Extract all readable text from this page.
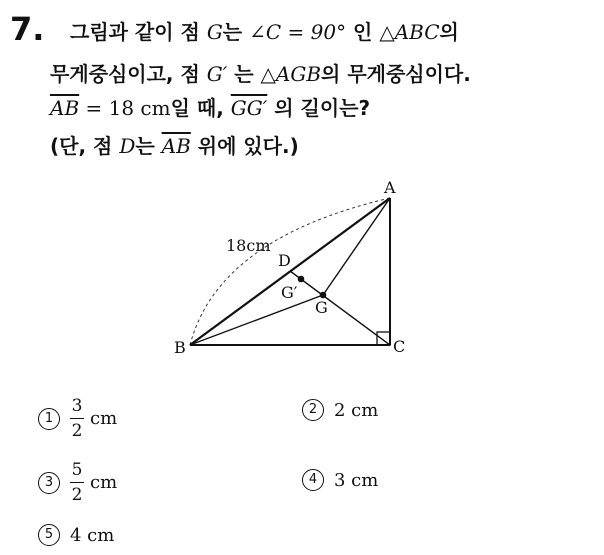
7. 그림과 같이 점 G는 ∠C = 90° 인 △ABC의
무게중심이고, 점 G′ 는 △AGB의 무게중심이다.
$\overline{AB} = 18$ cm일 때, GG′ 의 길이는?
(단, 점 D는 $\overline{AB}$ 위에 있다.)
A
B	C
D
G
G′
18cm
$1 \frac{3}{2}$ cm	2 2 cm
$3 \frac{5}{2}$ cm	4 3 cm
5 4 cm
